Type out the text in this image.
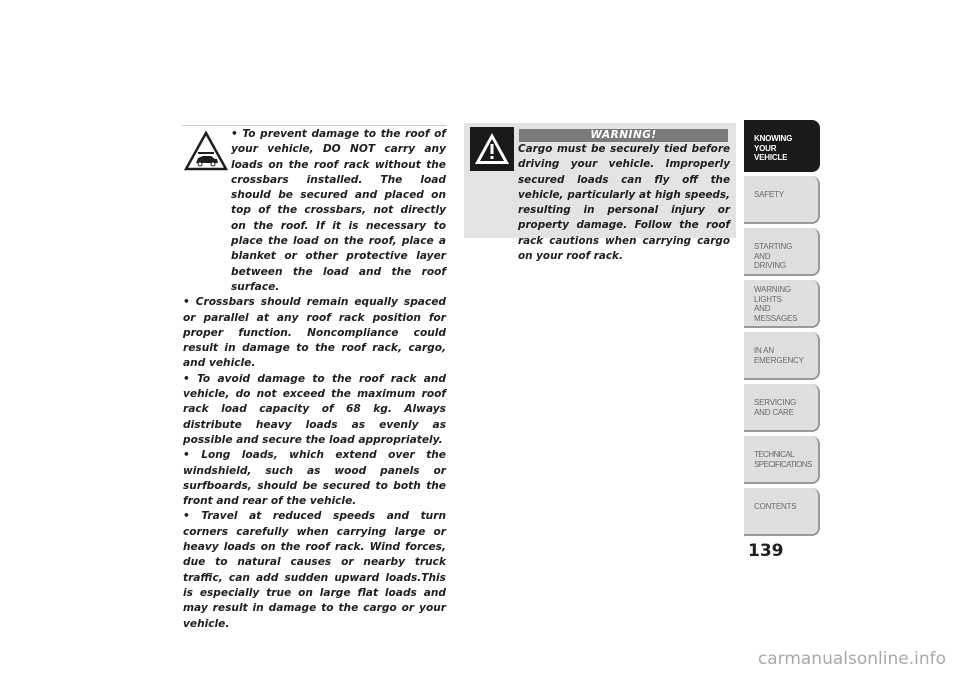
• To prevent damage to the roof of your vehicle, DO NOT carry any loads on the roof rack without the crossbars installed. The load should be secured and placed on top of the crossbars, not directly on the roof. If it is necessary to place the load on the roof, place a blanket or other protective layer between the load and the roof surface.

• Crossbars should remain equally spaced or parallel at any roof rack position for proper function. Noncompliance could result in damage to the roof rack, cargo, and vehicle.

• To avoid damage to the roof rack and vehicle, do not exceed the maximum roof rack load capacity of 68 kg. Always distribute heavy loads as evenly as possible and secure the load appropriately.

• Long loads, which extend over the windshield, such as wood panels or surfboards, should be secured to both the front and rear of the vehicle.

• Travel at reduced speeds and turn corners carefully when carrying large or heavy loads on the roof rack. Wind forces, due to natural causes or nearby truck traffic, can add sudden upward loads.This is especially true on large flat loads and may result in damage to the cargo or your vehicle.

WARNING!

Cargo must be securely tied before driving your vehicle. Improperly secured loads can fly off the vehicle, particularly at high speeds, resulting in personal injury or property damage. Follow the roof rack cautions when carrying cargo on your roof rack.

KNOWING
YOUR
VEHICLE
SAFETY
STARTING
AND
DRIVING
WARNING
LIGHTS
AND
MESSAGES
IN AN
EMERGENCY
SERVICING
AND CARE
TECHNICAL
SPECIFICATIONS
CONTENTS
139
carmanualsonline.info
